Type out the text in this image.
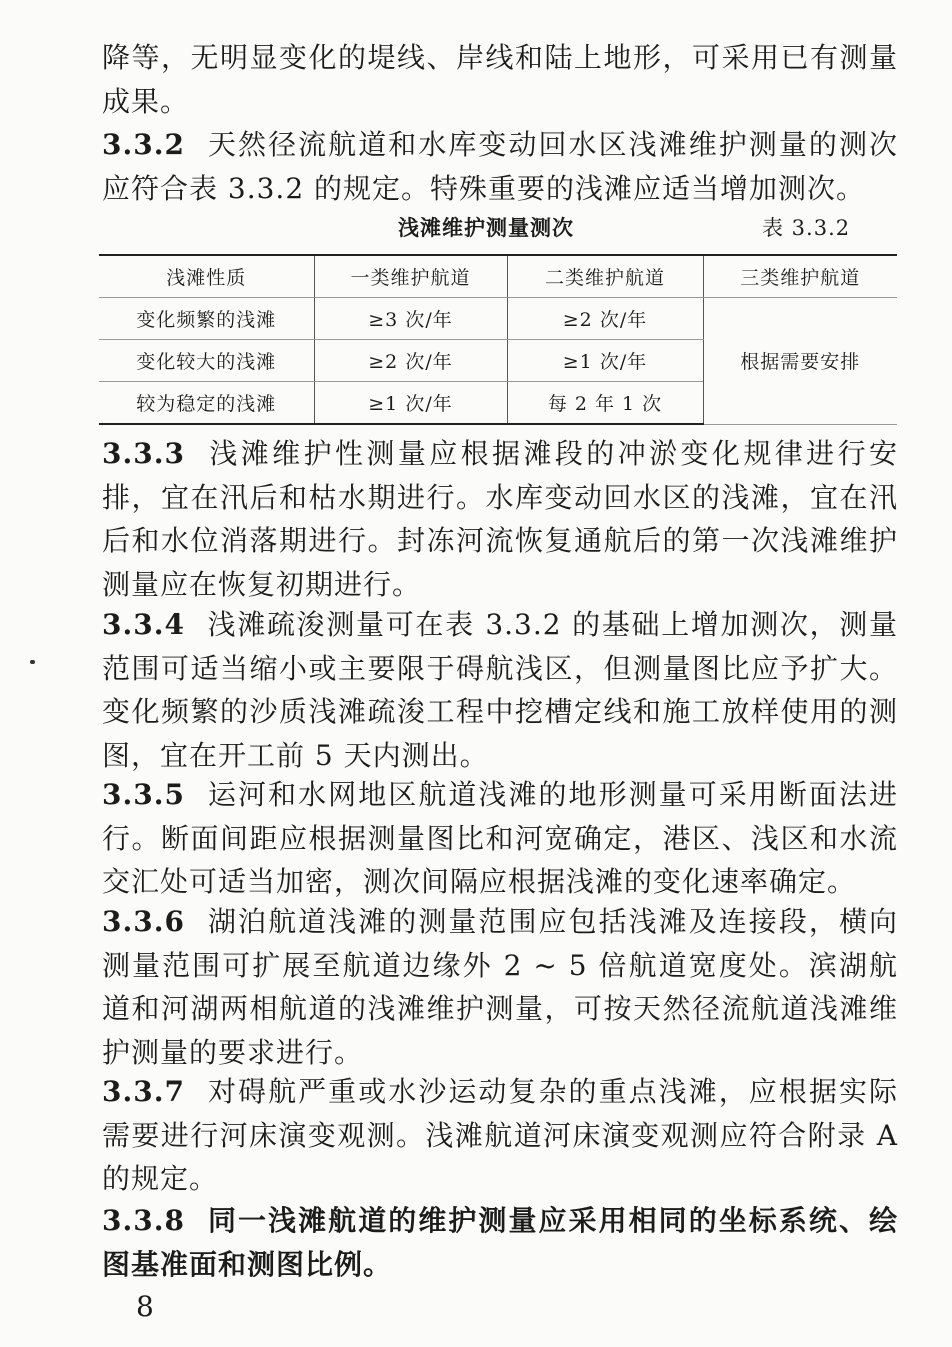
降等，无明显变化的堤线、岸线和陆上地形，可采用已有测量成果。

3.3.2 天然径流航道和水库变动回水区浅滩维护测量的测次应符合表 3.3.2 的规定。特殊重要的浅滩应适当增加测次。

浅滩维护测量测次	表 3.3.2
浅滩性质	一类维护航道	二类维护航道	三类维护航道
变化频繁的浅滩	≥3 次/年	≥2 次/年	根据需要安排
变化较大的浅滩	≥2 次/年	≥1 次/年	
较为稳定的浅滩	≥1 次/年	每 2 年 1 次	

3.3.3 浅滩维护性测量应根据滩段的冲淤变化规律进行安排，宜在汛后和枯水期进行。水库变动回水区的浅滩，宜在汛后和水位消落期进行。封冻河流恢复通航后的第一次浅滩维护测量应在恢复初期进行。

3.3.4 浅滩疏浚测量可在表 3.3.2 的基础上增加测次，测量范围可适当缩小或主要限于碍航浅区，但测量图比应予扩大。变化频繁的沙质浅滩疏浚工程中挖槽定线和施工放样使用的测图，宜在开工前 5 天内测出。

3.3.5 运河和水网地区航道浅滩的地形测量可采用断面法进行。断面间距应根据测量图比和河宽确定，港区、浅区和水流交汇处可适当加密，测次间隔应根据浅滩的变化速率确定。

3.3.6 湖泊航道浅滩的测量范围应包括浅滩及连接段，横向测量范围可扩展至航道边缘外 2 ~ 5 倍航道宽度处。滨湖航道和河湖两相航道的浅滩维护测量，可按天然径流航道浅滩维护测量的要求进行。

3.3.7 对碍航严重或水沙运动复杂的重点浅滩，应根据实际需要进行河床演变观测。浅滩航道河床演变观测应符合附录 A 的规定。

3.3.8 同一浅滩航道的维护测量应采用相同的坐标系统、绘图基准面和测图比例。

8
